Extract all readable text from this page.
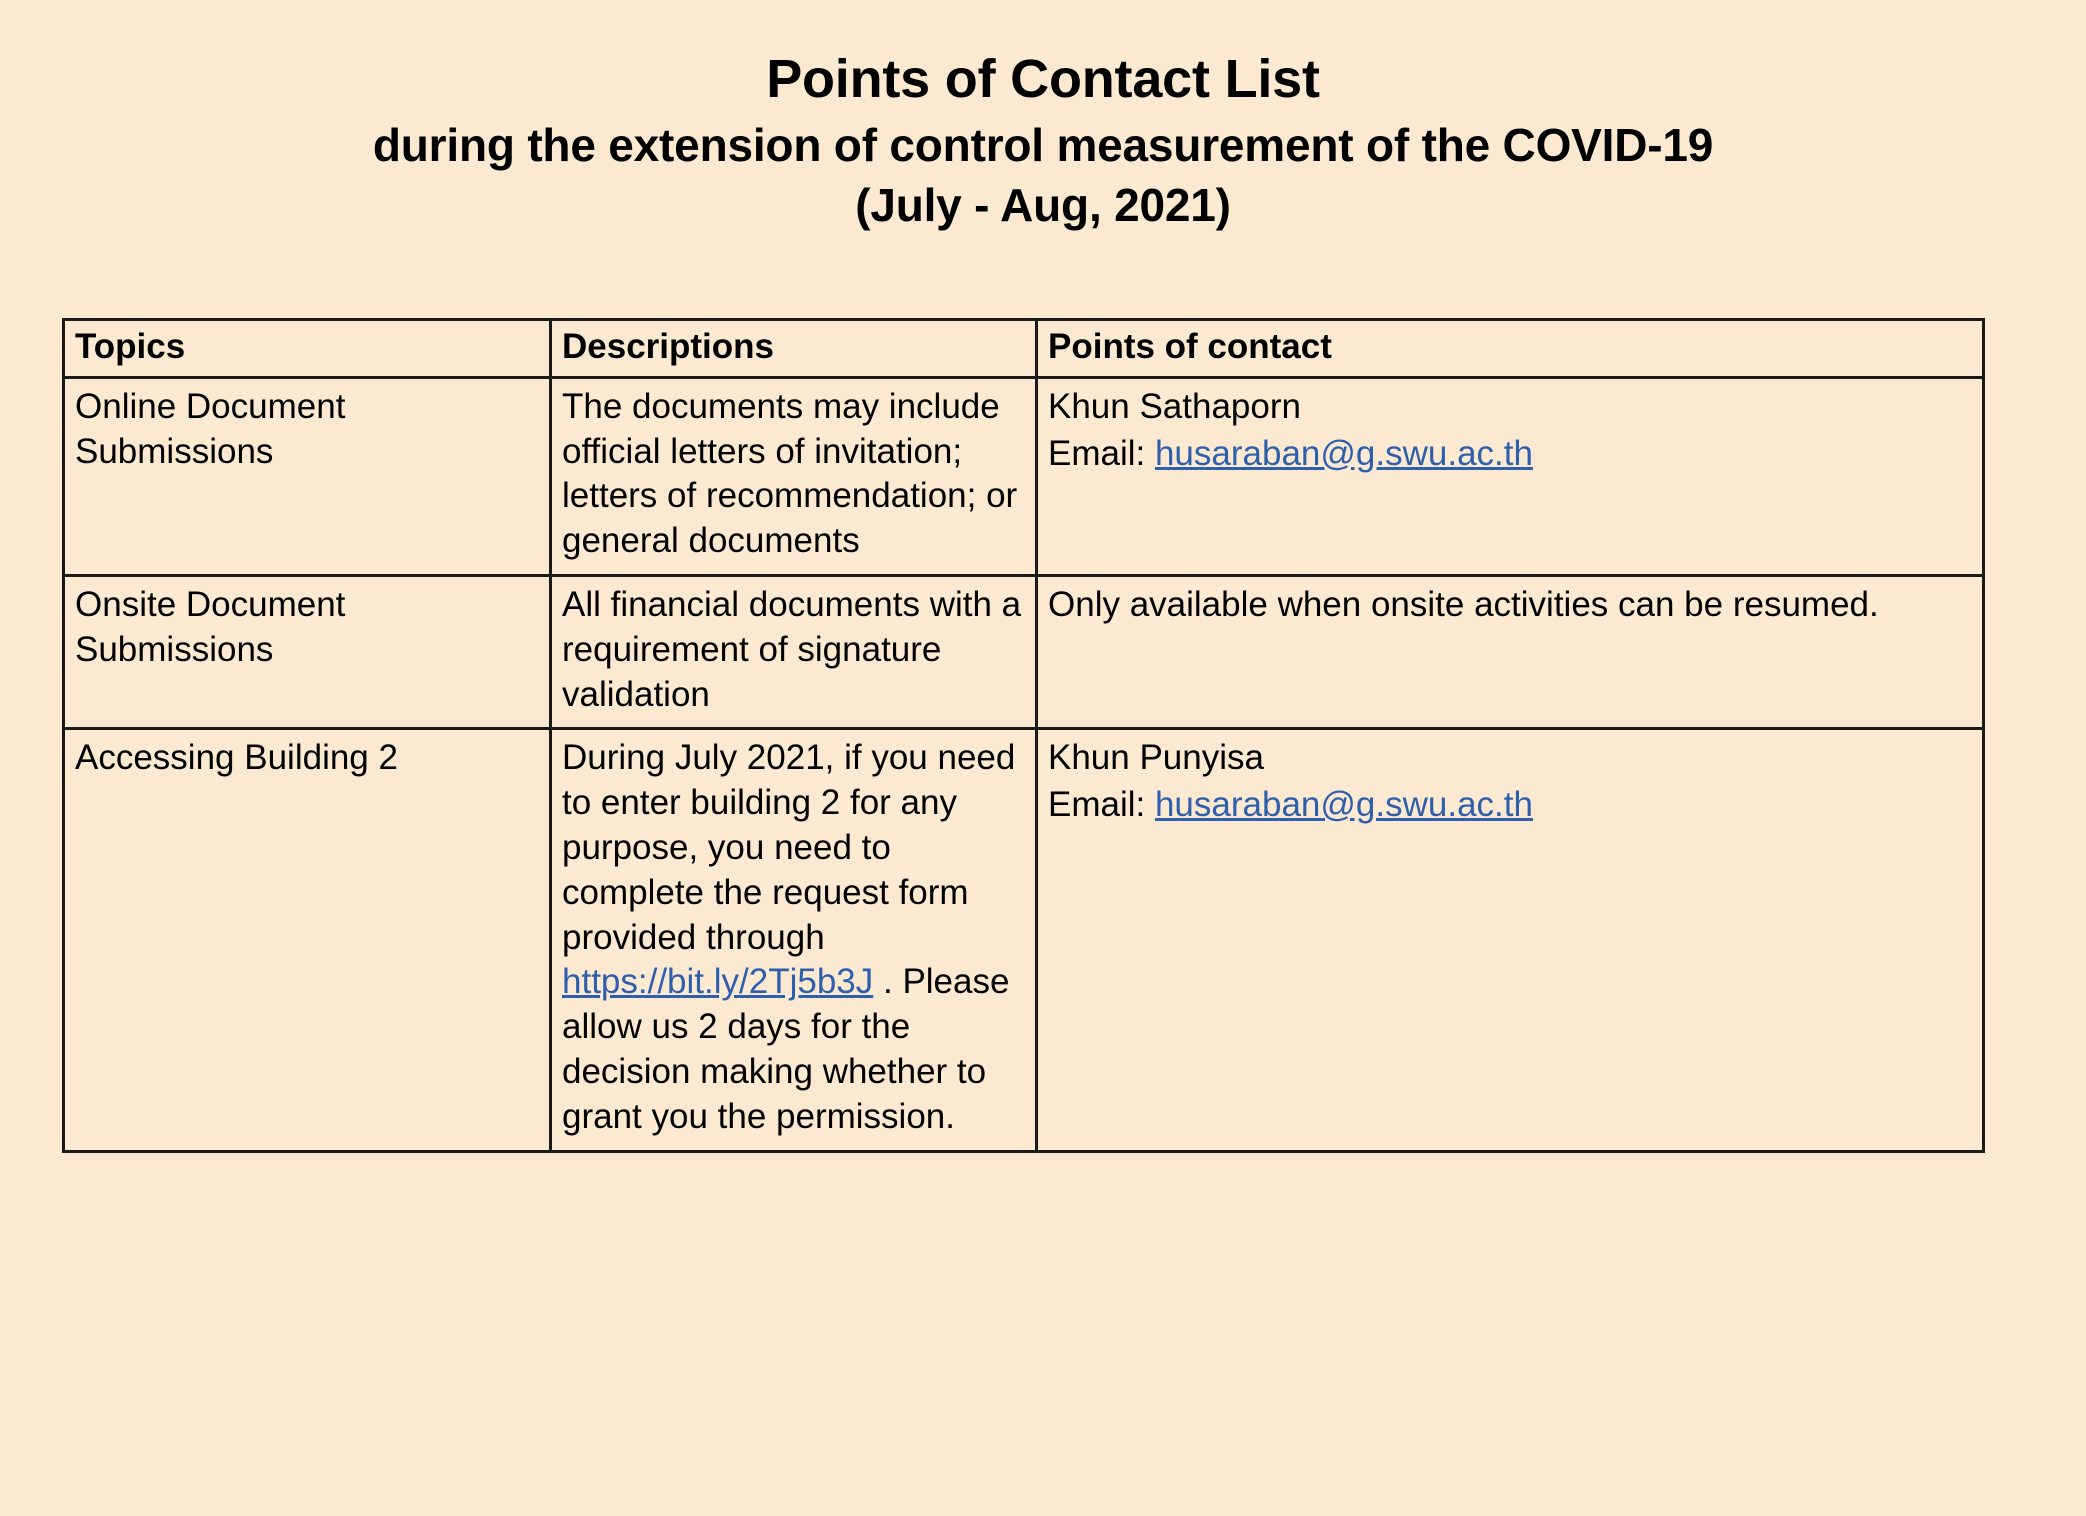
Points of Contact List
during the extension of control measurement of the COVID-19
(July - Aug, 2021)
Topics	Descriptions	Points of contact

Online Document Submissions	The documents may include official letters of invitation; letters of recommendation; or general documents	Khun Sathaporn
Email: husaraban@g.swu.ac.th

Onsite Document Submissions	All financial documents with a requirement of signature validation	Only available when onsite activities can be resumed.

Accessing Building 2	During July 2021, if you need to enter building 2 for any purpose, you need to complete the request form provided through https://bit.ly/2Tj5b3J . Please allow us 2 days for the decision making whether to grant you the permission.	Khun Punyisa
Email: husaraban@g.swu.ac.th
